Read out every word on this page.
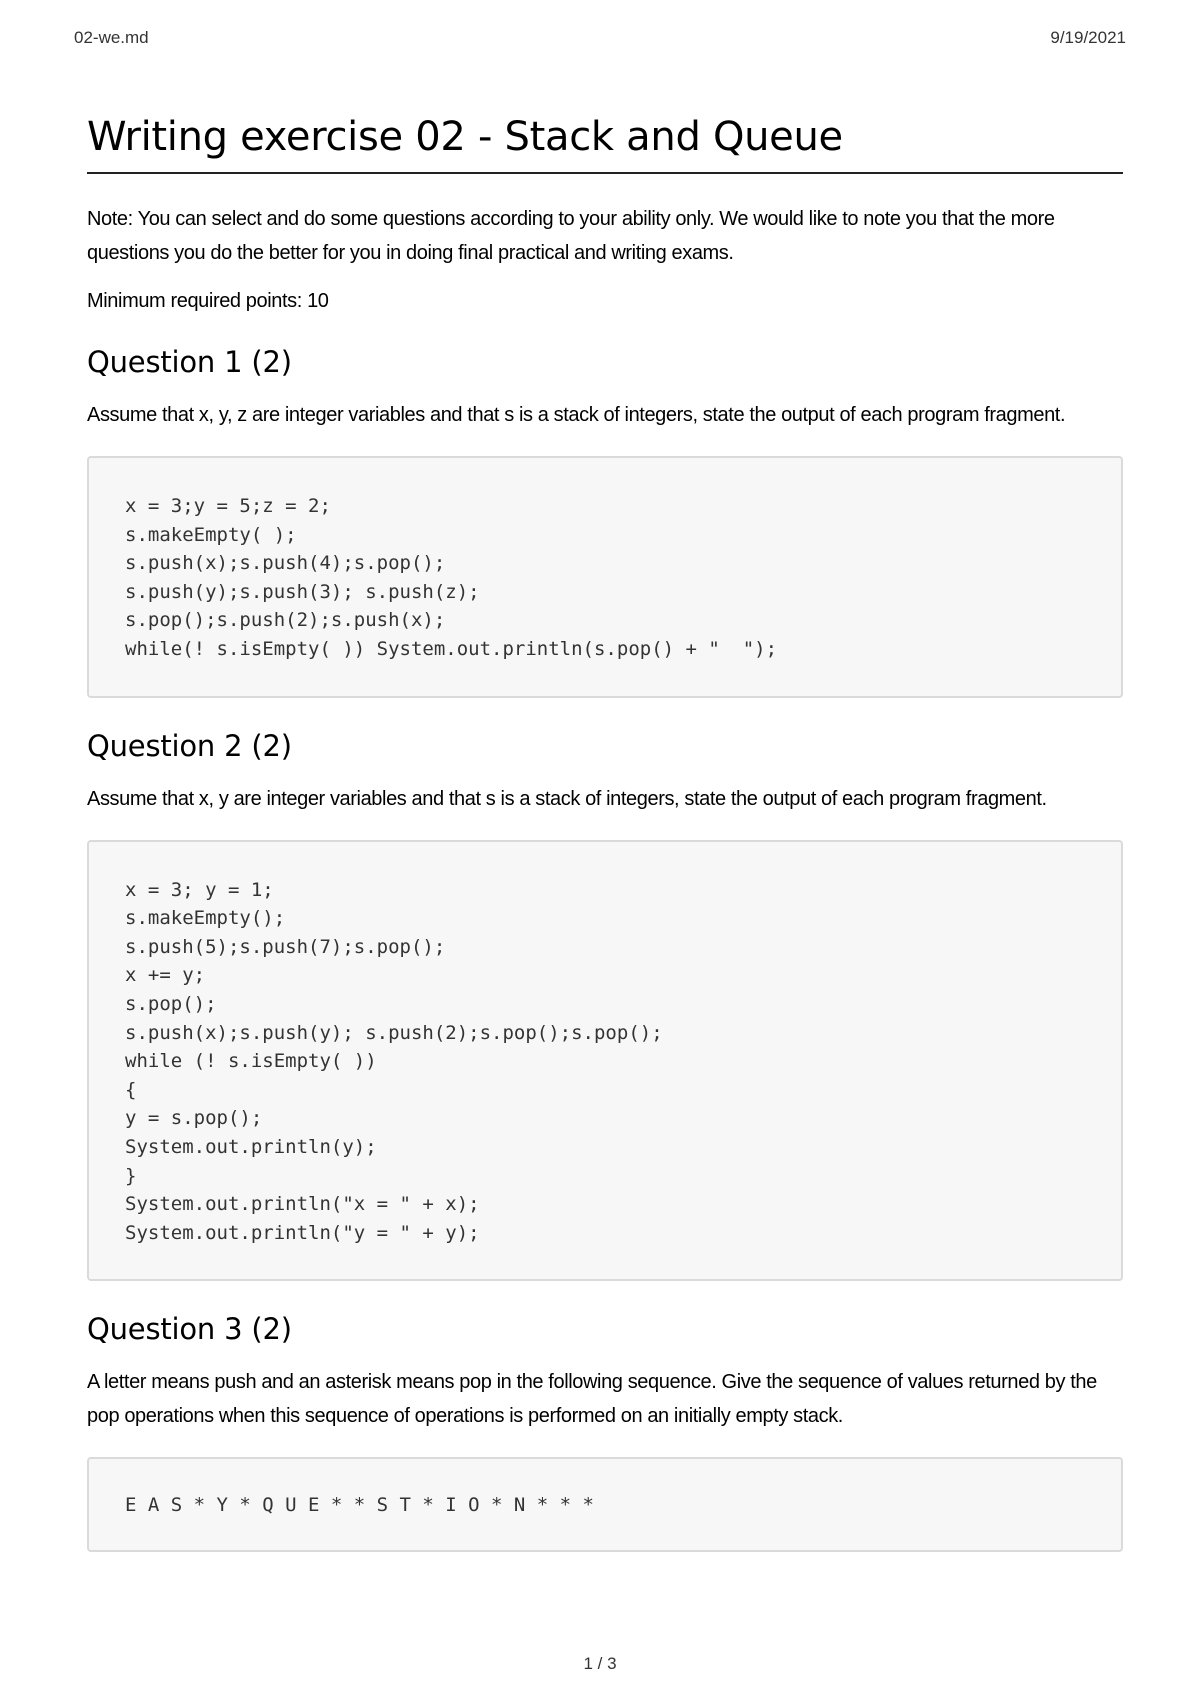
02-we.md	9/19/2021
Writing exercise 02 - Stack and Queue

Note: You can select and do some questions according to your ability only. We would like to note you that the more questions you do the better for you in doing final practical and writing exams.

Minimum required points: 10

Question 1 (2)

Assume that x, y, z are integer variables and that s is a stack of integers, state the output of each program fragment.

x = 3;y = 5;z = 2;
s.makeEmpty( );
s.push(x);s.push(4);s.pop();
s.push(y);s.push(3); s.push(z);
s.pop();s.push(2);s.push(x);
while(! s.isEmpty( )) System.out.println(s.pop() + "  ");
Question 2 (2)

Assume that x, y are integer variables and that s is a stack of integers, state the output of each program fragment.

x = 3; y = 1;
s.makeEmpty();
s.push(5);s.push(7);s.pop();
x += y;
s.pop();
s.push(x);s.push(y); s.push(2);s.pop();s.pop();
while (! s.isEmpty( ))
{
y = s.pop();
System.out.println(y);
}
System.out.println("x = " + x);
System.out.println("y = " + y);
Question 3 (2)

A letter means push and an asterisk means pop in the following sequence. Give the sequence of values returned by the pop operations when this sequence of operations is performed on an initially empty stack.

E A S * Y * Q U E * * S T * I O * N * * *
1 / 3
